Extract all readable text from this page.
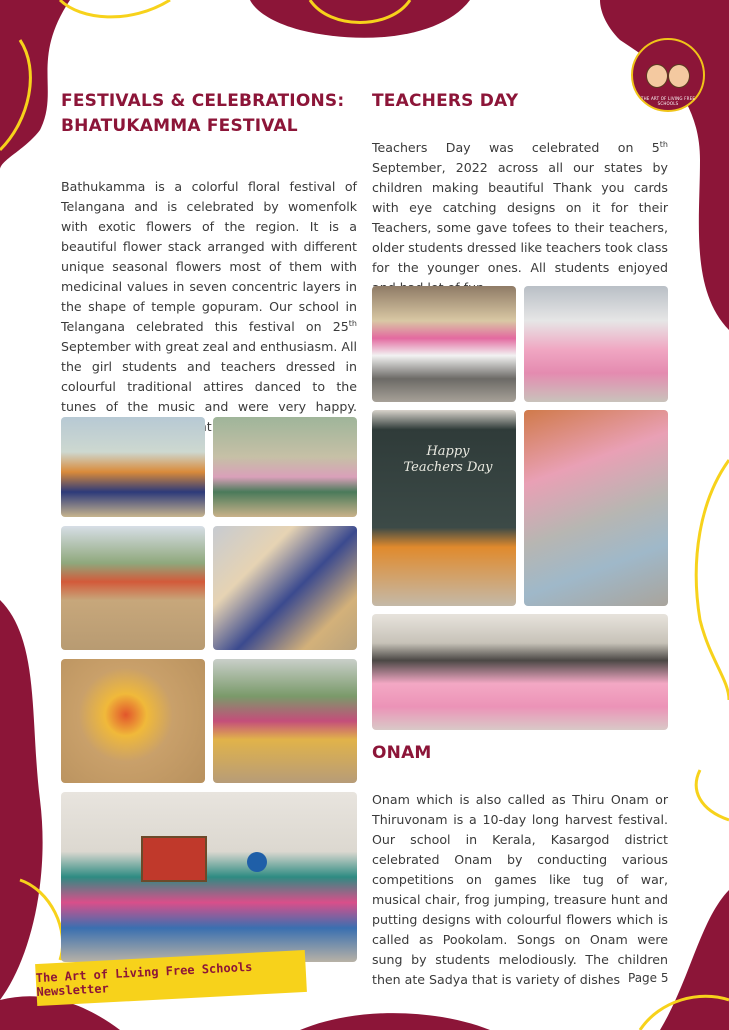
THE ART OF LIVING FREE SCHOOLS
FESTIVALS & CELEBRATIONS:
BHATUKAMMA FESTIVAL

Bathukamma is a colorful floral festival of Telangana and is celebrated by womenfolk with exotic flowers of the region. It is a beautiful flower stack arranged with different unique seasonal flowers most of them with medicinal values in seven concentric layers in the shape of temple gopuram. Our school in Telangana celebrated this festival on 25th September with great zeal and enthusiasm. All the girl students and teachers dressed in colourful traditional attires danced to the tunes of the music and were very happy.

TEACHERS DAY

Teachers Day was celebrated on 5th September, 2022 across all our states by children making beautiful Thank you cards with eye catching designs on it for their Teachers, some gave tofees to their teachers, older students dressed like teachers took class for the younger ones. All students enjoyed

Happy Teachers Day
ONAM

Onam which is also called as Thiru Onam or Thiruvonam is a 10-day long harvest festival. Our school in Kerala, Kasargod district celebrated Onam by conducting various competitions on games like tug of war, musical chair, frog jumping, treasure hunt and putting designs with colourful flowers which is called as Pookolam. Songs on Onam were sung by students melodiously. The children then ate Sadya that is variety of dishes

The Art of Living Free Schools Newsletter
Page 5
